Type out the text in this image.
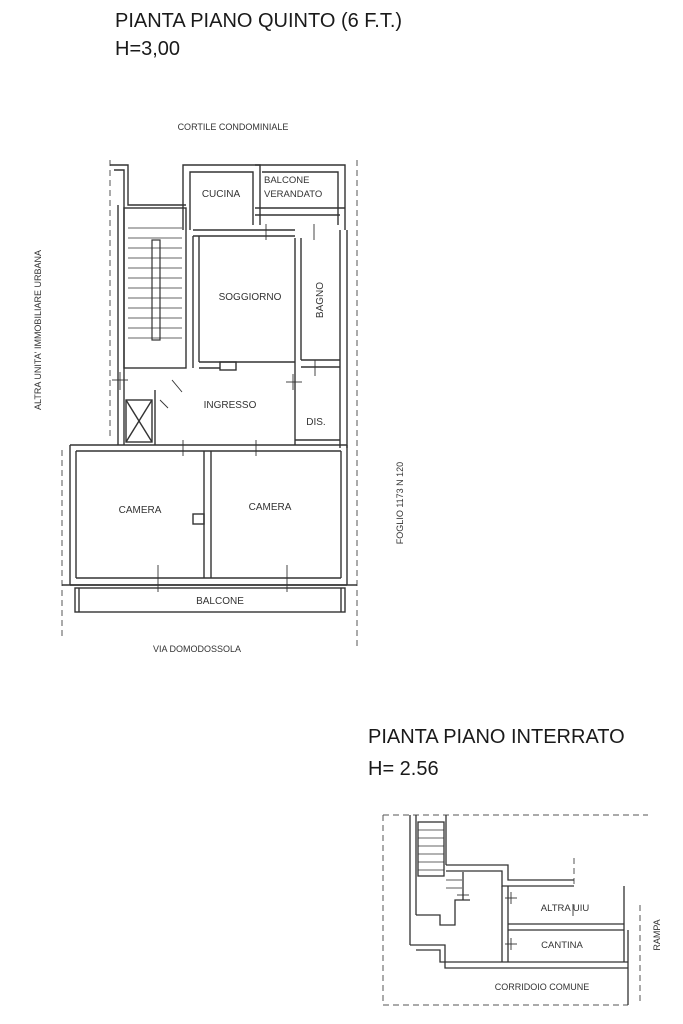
PIANTA PIANO QUINTO (6 F.T.)
H=3,00
PIANTA PIANO INTERRATO
H= 2.56
CORTILE CONDOMINIALE
ALTRA UNITA' IMMOBILIARE URBANA
CUCINA
BALCONE
VERANDATO
SOGGIORNO	BAGNO
INGRESSO
DIS.
CAMERA	CAMERA
BALCONE
VIA DOMODOSSOLA
FOGLIO 1173 N 120
ALTRA UIU
CANTINA
CORRIDOIO COMUNE
RAMPA
